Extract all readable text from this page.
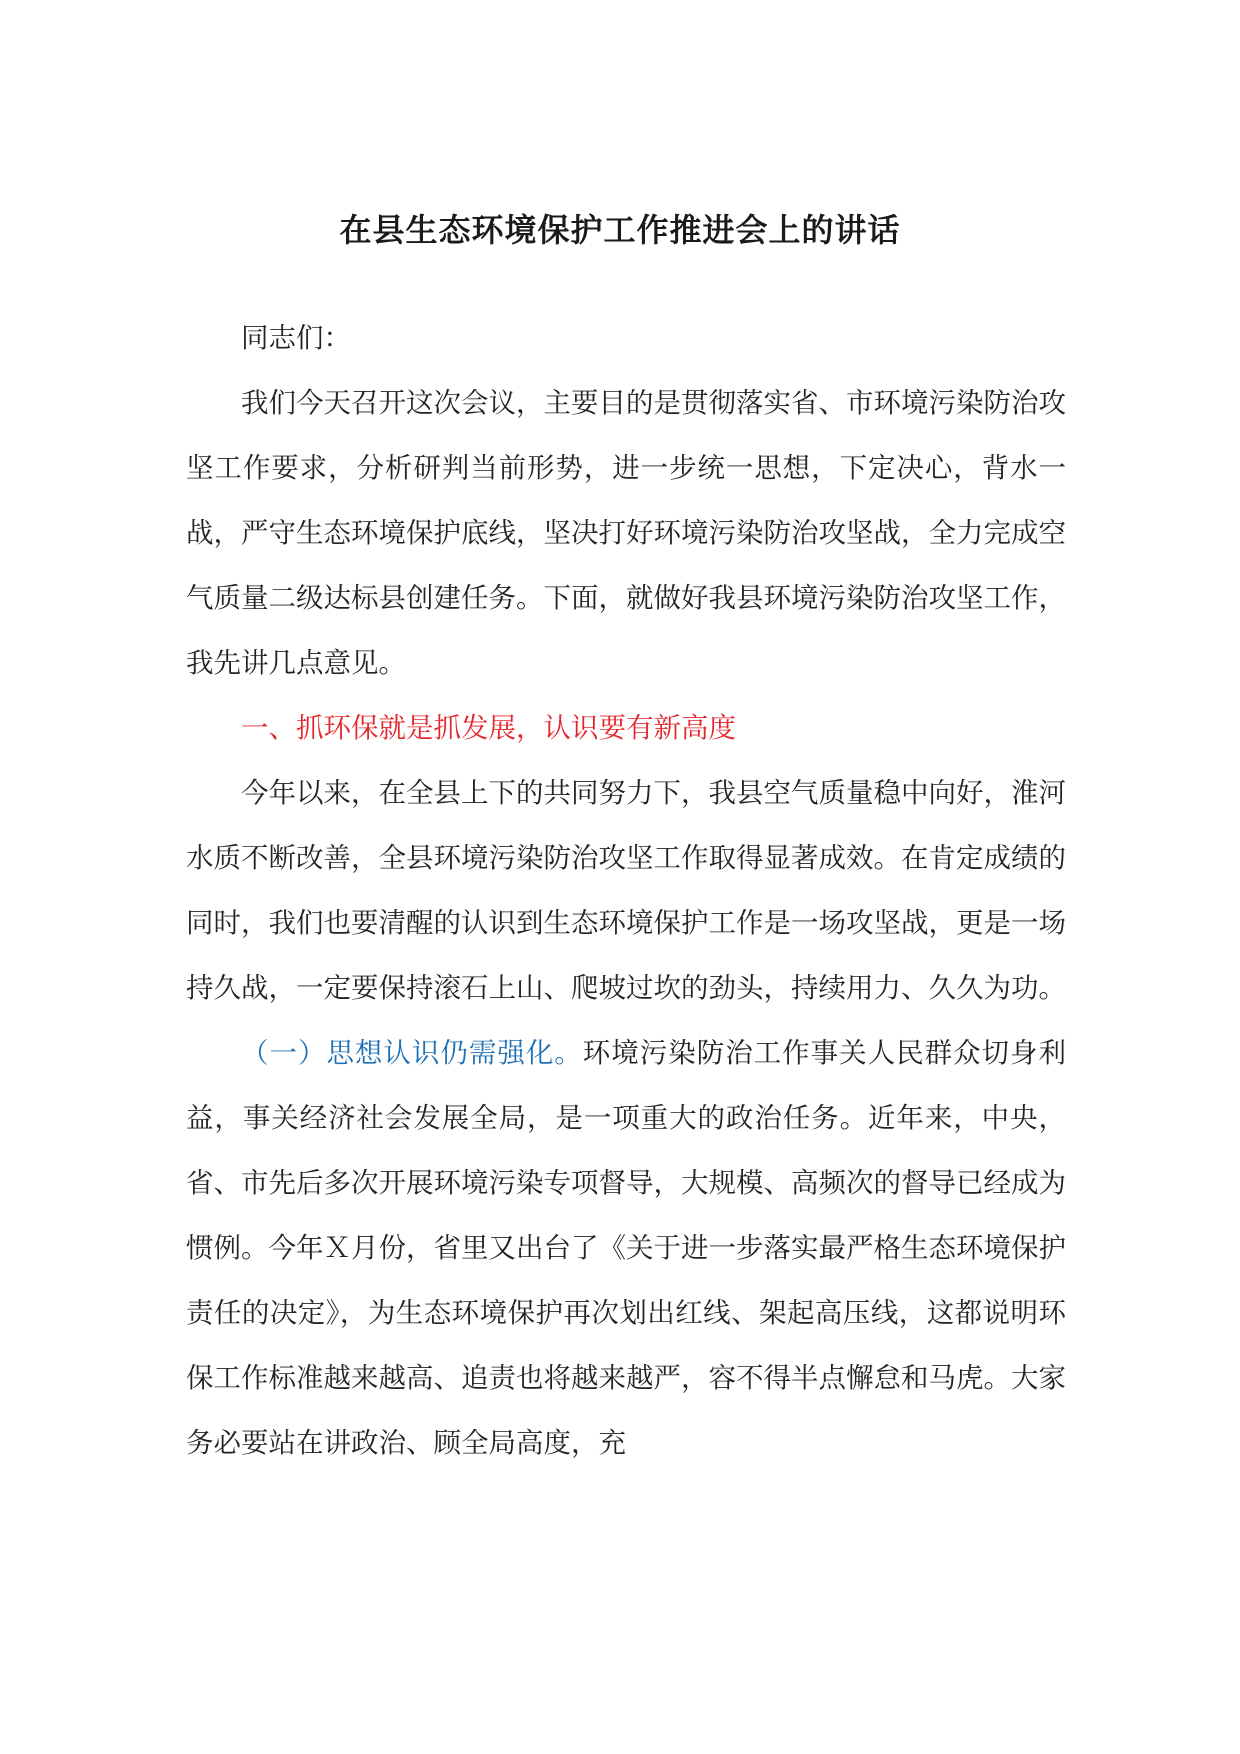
在县生态环境保护工作推进会上的讲话

同志们：

我们今天召开这次会议，主要目的是贯彻落实省、市环境污染防治攻坚工作要求，分析研判当前形势，进一步统一思想，下定决心，背水一战，严守生态环境保护底线，坚决打好环境污染防治攻坚战，全力完成空气质量二级达标县创建任务。下面，就做好我县环境污染防治攻坚工作，我先讲几点意见。

一、抓环保就是抓发展，认识要有新高度

今年以来，在全县上下的共同努力下，我县空气质量稳中向好，淮河水质不断改善，全县环境污染防治攻坚工作取得显著成效。在肯定成绩的同时，我们也要清醒的认识到生态环境保护工作是一场攻坚战，更是一场持久战，一定要保持滚石上山、爬坡过坎的劲头，持续用力、久久为功。

（一）思想认识仍需强化。环境污染防治工作事关人民群众切身利益，事关经济社会发展全局，是一项重大的政治任务。近年来，中央，省、市先后多次开展环境污染专项督导，大规模、高频次的督导已经成为惯例。今年Ｘ月份，省里又出台了《关于进一步落实最严格生态环境保护责任的决定》，为生态环境保护再次划出红线、架起高压线，这都说明环保工作标准越来越高、追责也将越来越严，容不得半点懈怠和马虎。大家务必要站在讲政治、顾全局高度，充
